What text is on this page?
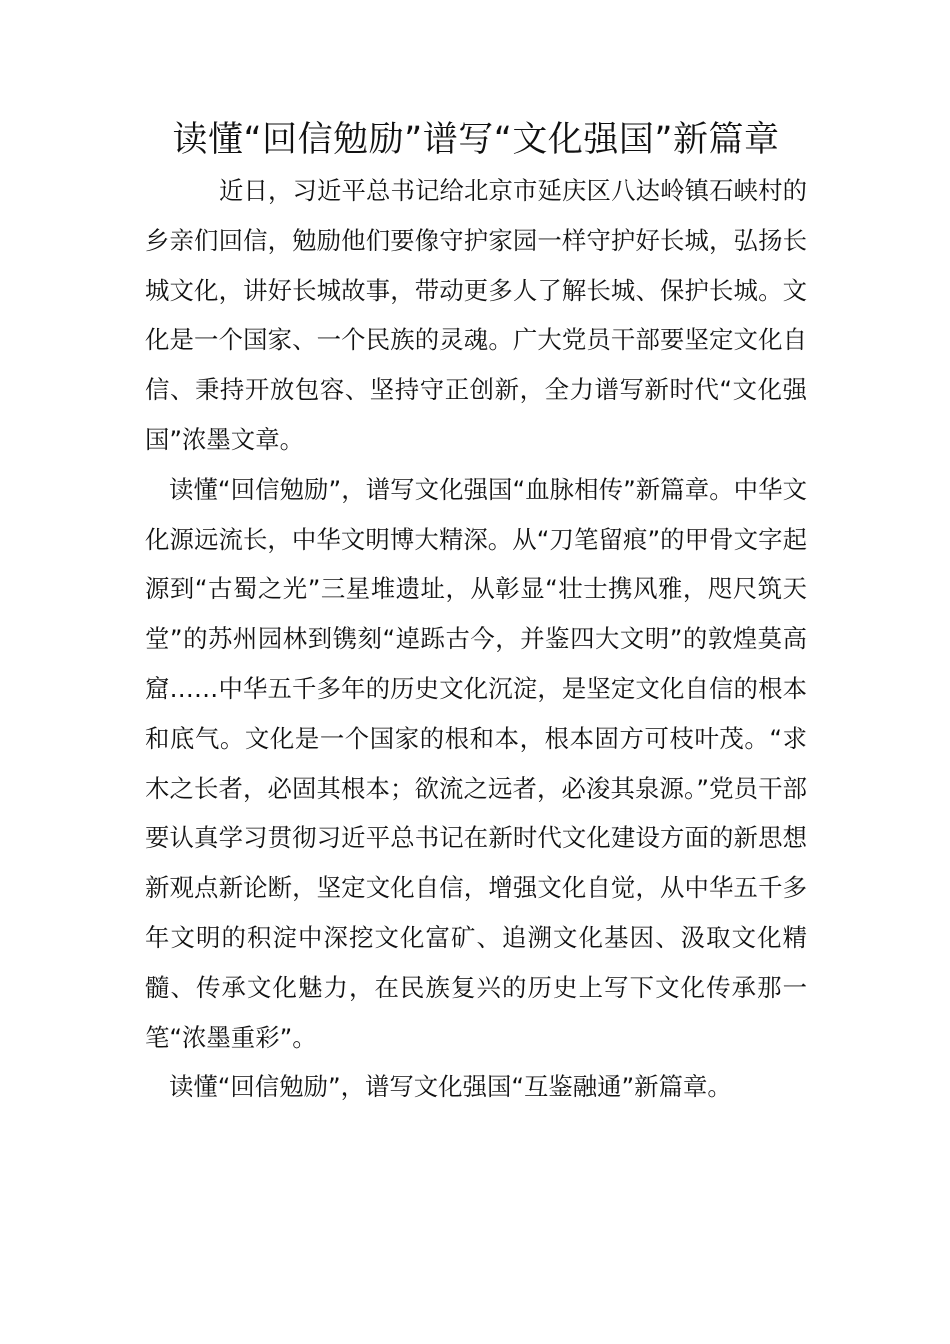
读懂“回信勉励”谱写“文化强国”新篇章

近日，习近平总书记给北京市延庆区八达岭镇石峡村的乡亲们回信，勉励他们要像守护家园一样守护好长城，弘扬长城文化，讲好长城故事，带动更多人了解长城、保护长城。文化是一个国家、一个民族的灵魂。广大党员干部要坚定文化自信、秉持开放包容、坚持守正创新，全力谱写新时代“文化强国”浓墨文章。

读懂“回信勉励”，谱写文化强国“血脉相传”新篇章。中华文化源远流长，中华文明博大精深。从“刀笔留痕”的甲骨文字起源到“古蜀之光”三星堆遗址，从彰显“壮士携风雅，咫尺筑天堂”的苏州园林到镌刻“逴跞古今，并鉴四大文明”的敦煌莫高窟……中华五千多年的历史文化沉淀，是坚定文化自信的根本和底气。文化是一个国家的根和本，根本固方可枝叶茂。“求木之长者，必固其根本；欲流之远者，必浚其泉源。”党员干部要认真学习贯彻习近平总书记在新时代文化建设方面的新思想新观点新论断，坚定文化自信，增强文化自觉，从中华五千多年文明的积淀中深挖文化富矿、追溯文化基因、汲取文化精髓、传承文化魅力，在民族复兴的历史上写下文化传承那一笔“浓墨重彩”。

读懂“回信勉励”，谱写文化强国“互鉴融通”新篇章。
